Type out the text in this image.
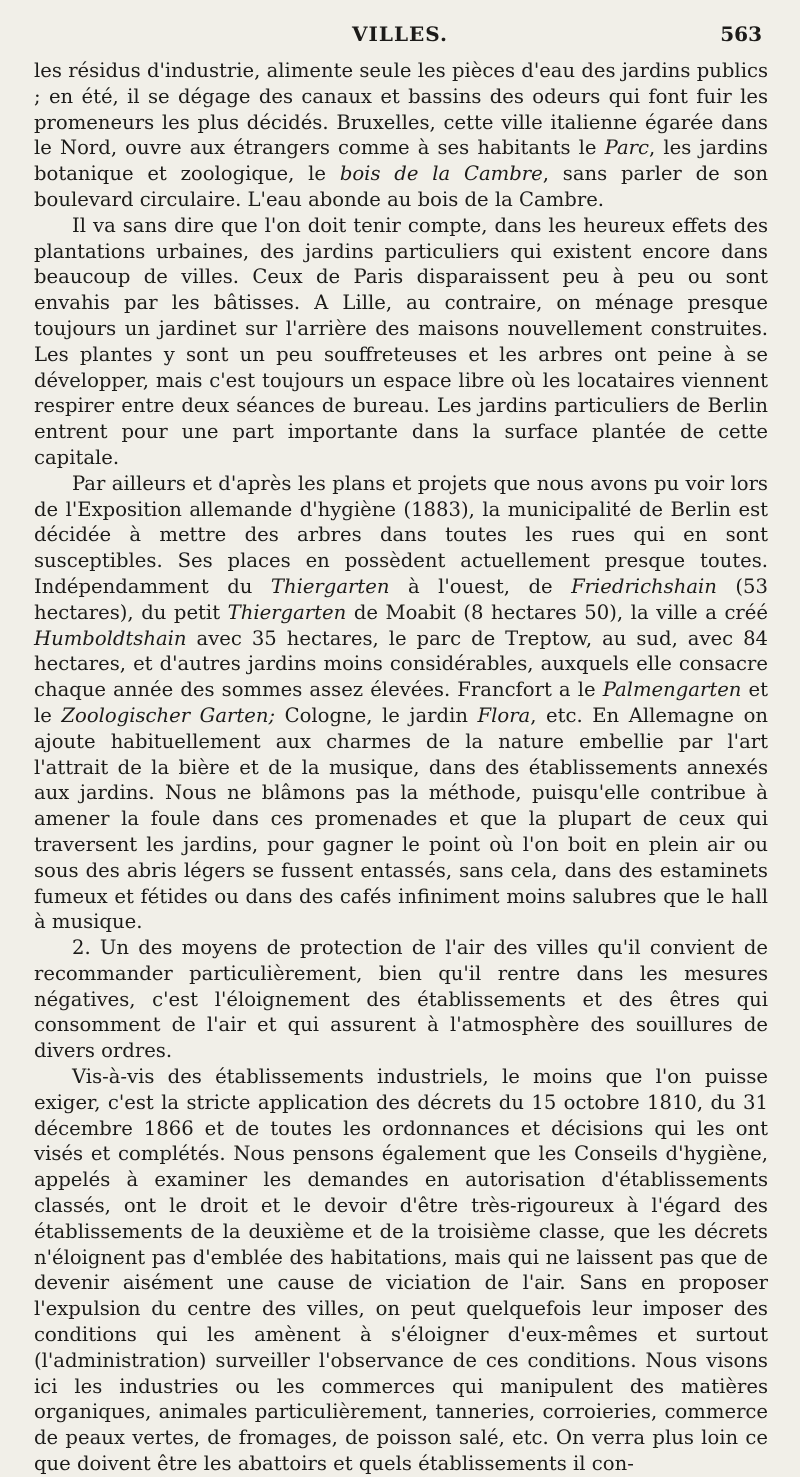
VILLES.	563

les résidus d'industrie, alimente seule les pièces d'eau des jardins publics ; en été, il se dégage des canaux et bassins des odeurs qui font fuir les promeneurs les plus décidés. Bruxelles, cette ville italienne égarée dans le Nord, ouvre aux étrangers comme à ses habitants le Parc, les jardins botanique et zoologique, le bois de la Cambre, sans parler de son boulevard circulaire. L'eau abonde au bois de la Cambre.

Il va sans dire que l'on doit tenir compte, dans les heureux effets des plantations urbaines, des jardins particuliers qui existent encore dans beaucoup de villes. Ceux de Paris disparaissent peu à peu ou sont envahis par les bâtisses. A Lille, au contraire, on ménage presque toujours un jardinet sur l'arrière des maisons nouvellement construites. Les plantes y sont un peu souffreteuses et les arbres ont peine à se développer, mais c'est toujours un espace libre où les locataires viennent respirer entre deux séances de bureau. Les jardins particuliers de Berlin entrent pour une part importante dans la surface plantée de cette capitale.

Par ailleurs et d'après les plans et projets que nous avons pu voir lors de l'Exposition allemande d'hygiène (1883), la municipalité de Berlin est décidée à mettre des arbres dans toutes les rues qui en sont susceptibles. Ses places en possèdent actuellement presque toutes. Indépendamment du Thiergarten à l'ouest, de Friedrichshain (53 hectares), du petit Thiergarten de Moabit (8 hectares 50), la ville a créé Humboldtshain avec 35 hectares, le parc de Treptow, au sud, avec 84 hectares, et d'autres jardins moins considérables, auxquels elle consacre chaque année des sommes assez élevées. Francfort a le Palmengarten et le Zoologischer Garten; Cologne, le jardin Flora, etc. En Allemagne on ajoute habituellement aux charmes de la nature embellie par l'art l'attrait de la bière et de la musique, dans des établissements annexés aux jardins. Nous ne blâmons pas la méthode, puisqu'elle contribue à amener la foule dans ces promenades et que la plupart de ceux qui traversent les jardins, pour gagner le point où l'on boit en plein air ou sous des abris légers se fussent entassés, sans cela, dans des estaminets fumeux et fétides ou dans des cafés infiniment moins salubres que le hall à musique.

2. Un des moyens de protection de l'air des villes qu'il convient de recommander particulièrement, bien qu'il rentre dans les mesures négatives, c'est l'éloignement des établissements et des êtres qui consomment de l'air et qui assurent à l'atmosphère des souillures de divers ordres.

Vis-à-vis des établissements industriels, le moins que l'on puisse exiger, c'est la stricte application des décrets du 15 octobre 1810, du 31 décembre 1866 et de toutes les ordonnances et décisions qui les ont visés et complétés. Nous pensons également que les Conseils d'hygiène, appelés à examiner les demandes en autorisation d'établissements classés, ont le droit et le devoir d'être très-rigoureux à l'égard des établissements de la deuxième et de la troisième classe, que les décrets n'éloignent pas d'emblée des habitations, mais qui ne laissent pas que de devenir aisément une cause de viciation de l'air. Sans en proposer l'expulsion du centre des villes, on peut quelquefois leur imposer des conditions qui les amènent à s'éloigner d'eux-mêmes et surtout (l'administration) surveiller l'observance de ces conditions. Nous visons ici les industries ou les commerces qui manipulent des matières organiques, animales particulièrement, tanneries, corroieries, commerce de peaux vertes, de fromages, de poisson salé, etc. On verra plus loin ce que doivent être les abattoirs et quels établissements il con-
